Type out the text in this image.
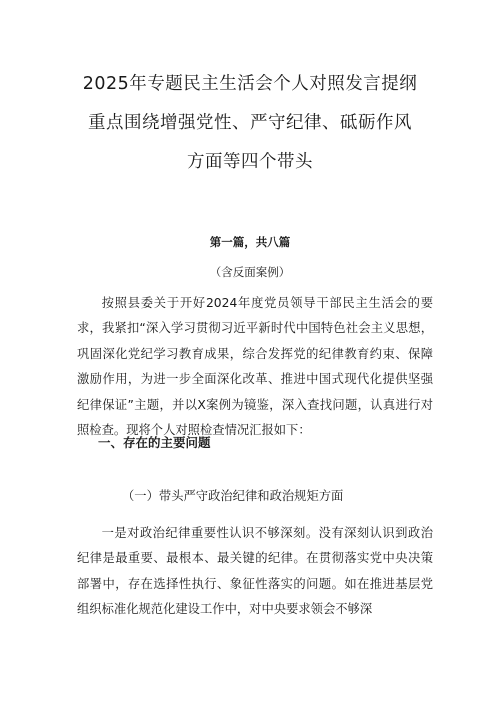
2025年专题民主生活会个人对照发言提纲
重点围绕增强党性、严守纪律、砥砺作风
方面等四个带头
第一篇，共八篇
（含反面案例）

按照县委关于开好2024年度党员领导干部民主生活会的要求，我紧扣“深入学习贯彻习近平新时代中国特色社会主义思想，巩固深化党纪学习教育成果，综合发挥党的纪律教育约束、保障激励作用，为进一步全面深化改革、推进中国式现代化提供坚强纪律保证”主题，并以X案例为镜鉴，深入查找问题，认真进行对照检查。现将个人对照检查情况汇报如下：

一、存在的主要问题
（一）带头严守政治纪律和政治规矩方面

一是对政治纪律重要性认识不够深刻。没有深刻认识到政治纪律是最重要、最根本、最关键的纪律。在贯彻落实党中央决策部署中，存在选择性执行、象征性落实的问题。如在推进基层党组织标准化规范化建设工作中，对中央要求领会不够深
